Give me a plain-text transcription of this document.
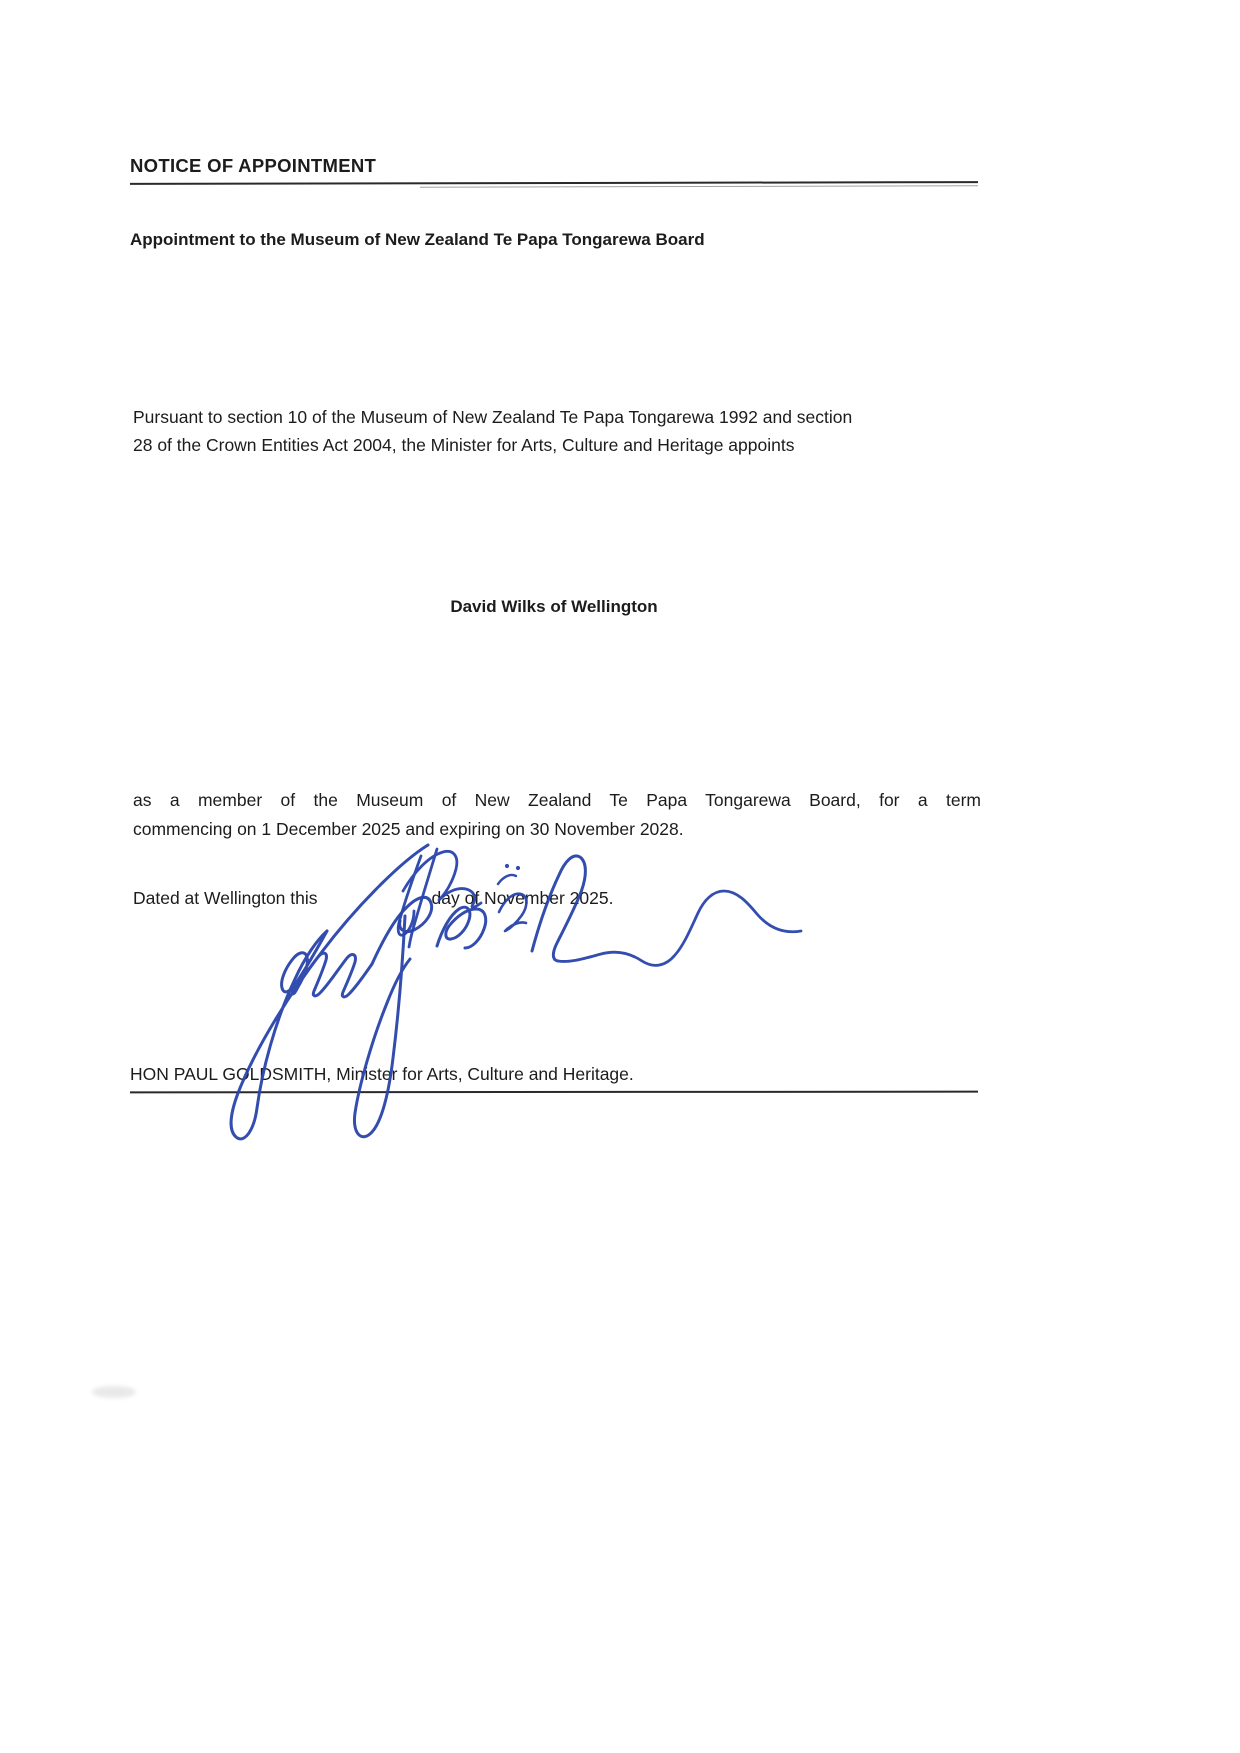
NOTICE OF APPOINTMENT
Appointment to the Museum of New Zealand Te Papa Tongarewa Board

Pursuant to section 10 of the Museum of New Zealand Te Papa Tongarewa 1992 and section
28 of the Crown Entities Act 2004, the Minister for Arts, Culture and Heritage appoints

David Wilks of Wellington

as a member of the Museum of New Zealand Te Papa Tongarewa Board, for a term
commencing on 1 December 2025 and expiring on 30 November 2028.

Dated at Wellington this	day of November 2025.

HON PAUL GOLDSMITH, Minister for Arts, Culture and Heritage.
